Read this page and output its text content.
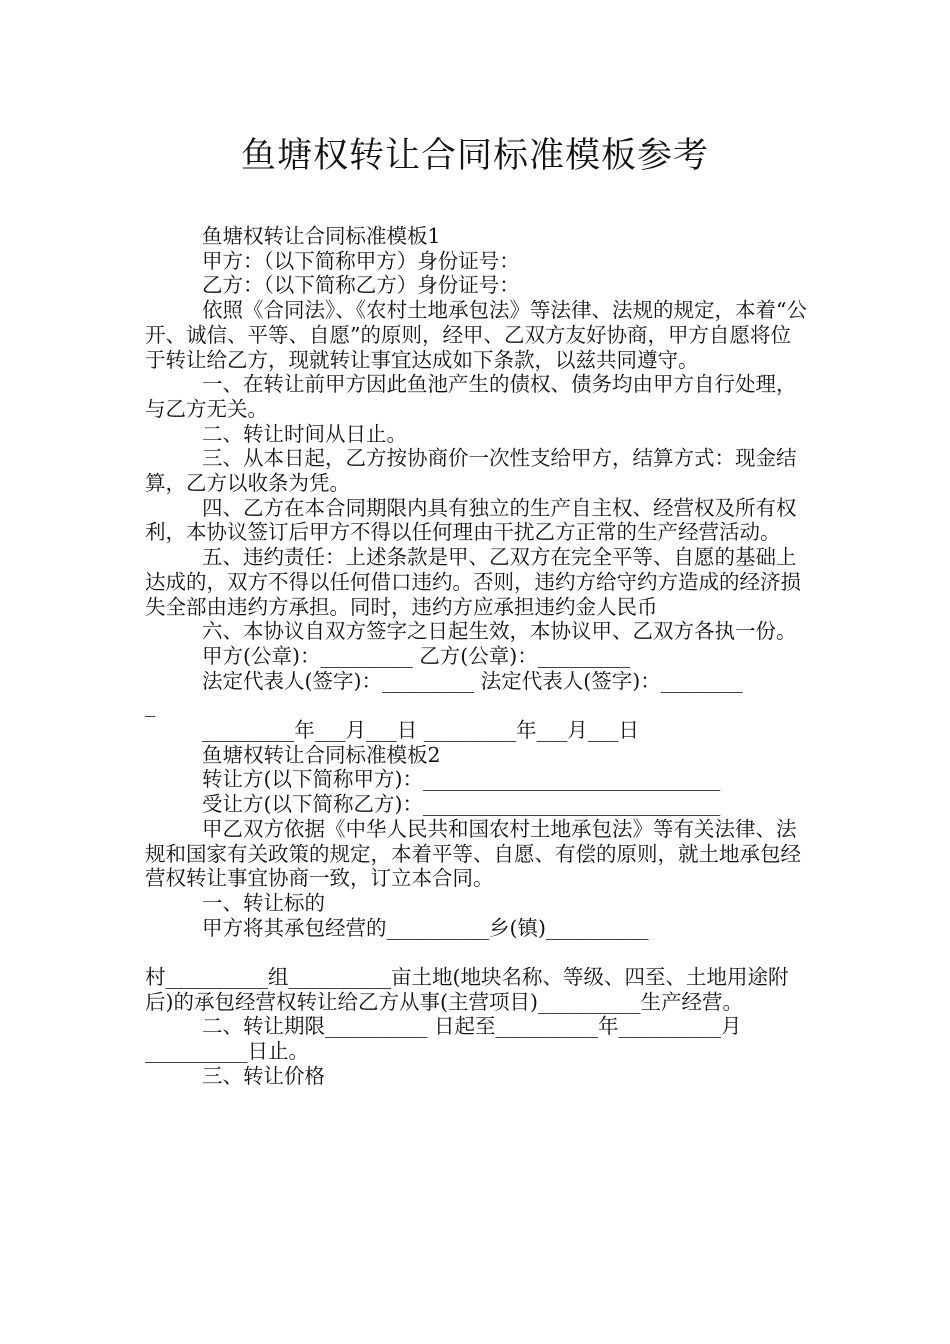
鱼塘权转让合同标准模板参考
鱼塘权转让合同标准模板1
甲方：（以下简称甲方）身份证号：
乙方：（以下简称乙方）身份证号：
依照《合同法》、《农村土地承包法》等法律、法规的规定，本着“公开、诚信、平等、自愿”的原则，经甲、乙双方友好协商，甲方自愿将位于转让给乙方，现就转让事宜达成如下条款，以兹共同遵守。
一、在转让前甲方因此鱼池产生的债权、债务均由甲方自行处理，与乙方无关。
二、转让时间从日止。
三、从本日起，乙方按协商价一次性支给甲方，结算方式：现金结算，乙方以收条为凭。
四、乙方在本合同期限内具有独立的生产自主权、经营权及所有权利，本协议签订后甲方不得以任何理由干扰乙方正常的生产经营活动。
五、违约责任：上述条款是甲、乙双方在完全平等、自愿的基础上达成的，双方不得以任何借口违约。否则，违约方给守约方造成的经济损失全部由违约方承担。同时，违约方应承担违约金人民币
六、本协议自双方签字之日起生效，本协议甲、乙双方各执一份。
甲方(公章)：_________ 乙方(公章)：_________
法定代表人(签字)：_________ 法定代表人(签字)：________
_
_________年___月___日 _________年___月___日
鱼塘权转让合同标准模板2
转让方(以下简称甲方)：_____________________________
受让方(以下简称乙方)：_____________________________
甲乙双方依据《中华人民共和国农村土地承包法》等有关法律、法规和国家有关政策的规定，本着平等、自愿、有偿的原则，就土地承包经营权转让事宜协商一致，订立本合同。
一、转让标的
甲方将其承包经营的__________乡(镇)__________
村__________组__________亩土地(地块名称、等级、四至、土地用途附后)的承包经营权转让给乙方从事(主营项目)__________生产经营。
二、转让期限__________ 日起至__________年__________月__________日止。
三、转让价格
